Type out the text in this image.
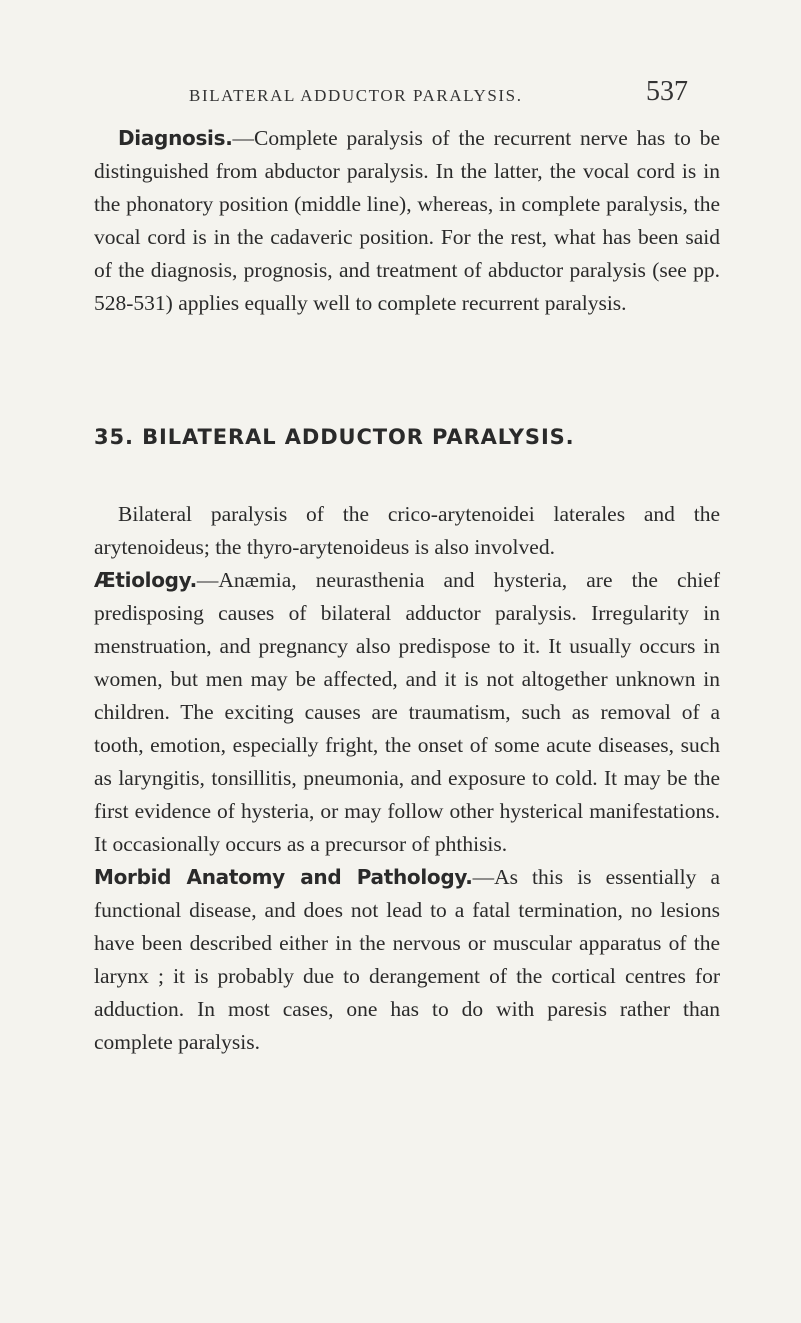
BILATERAL ADDUCTOR PARALYSIS.	537

Diagnosis.—Complete paralysis of the recurrent nerve has to be distinguished from abductor paralysis. In the latter, the vocal cord is in the phonatory position (middle line), whereas, in complete paralysis, the vocal cord is in the cadaveric position. For the rest, what has been said of the diagnosis, prognosis, and treatment of abductor paralysis (see pp. 528-531) applies equally well to complete recurrent paralysis.

35. BILATERAL ADDUCTOR PARALYSIS.

Bilateral paralysis of the crico-arytenoidei laterales and the arytenoideus; the thyro-arytenoideus is also involved.

Ætiology.—Anæmia, neurasthenia and hysteria, are the chief predisposing causes of bilateral adductor paralysis. Irregularity in menstruation, and pregnancy also predispose to it. It usually occurs in women, but men may be affected, and it is not altogether unknown in children. The exciting causes are traumatism, such as removal of a tooth, emotion, especially fright, the onset of some acute diseases, such as laryngitis, tonsillitis, pneumonia, and exposure to cold. It may be the first evidence of hysteria, or may follow other hysterical manifestations. It occasionally occurs as a precursor of phthisis.

Morbid Anatomy and Pathology.—As this is essentially a functional disease, and does not lead to a fatal termination, no lesions have been described either in the nervous or muscular apparatus of the larynx ; it is probably due to derangement of the cortical centres for adduction. In most cases, one has to do with paresis rather than complete paralysis.
